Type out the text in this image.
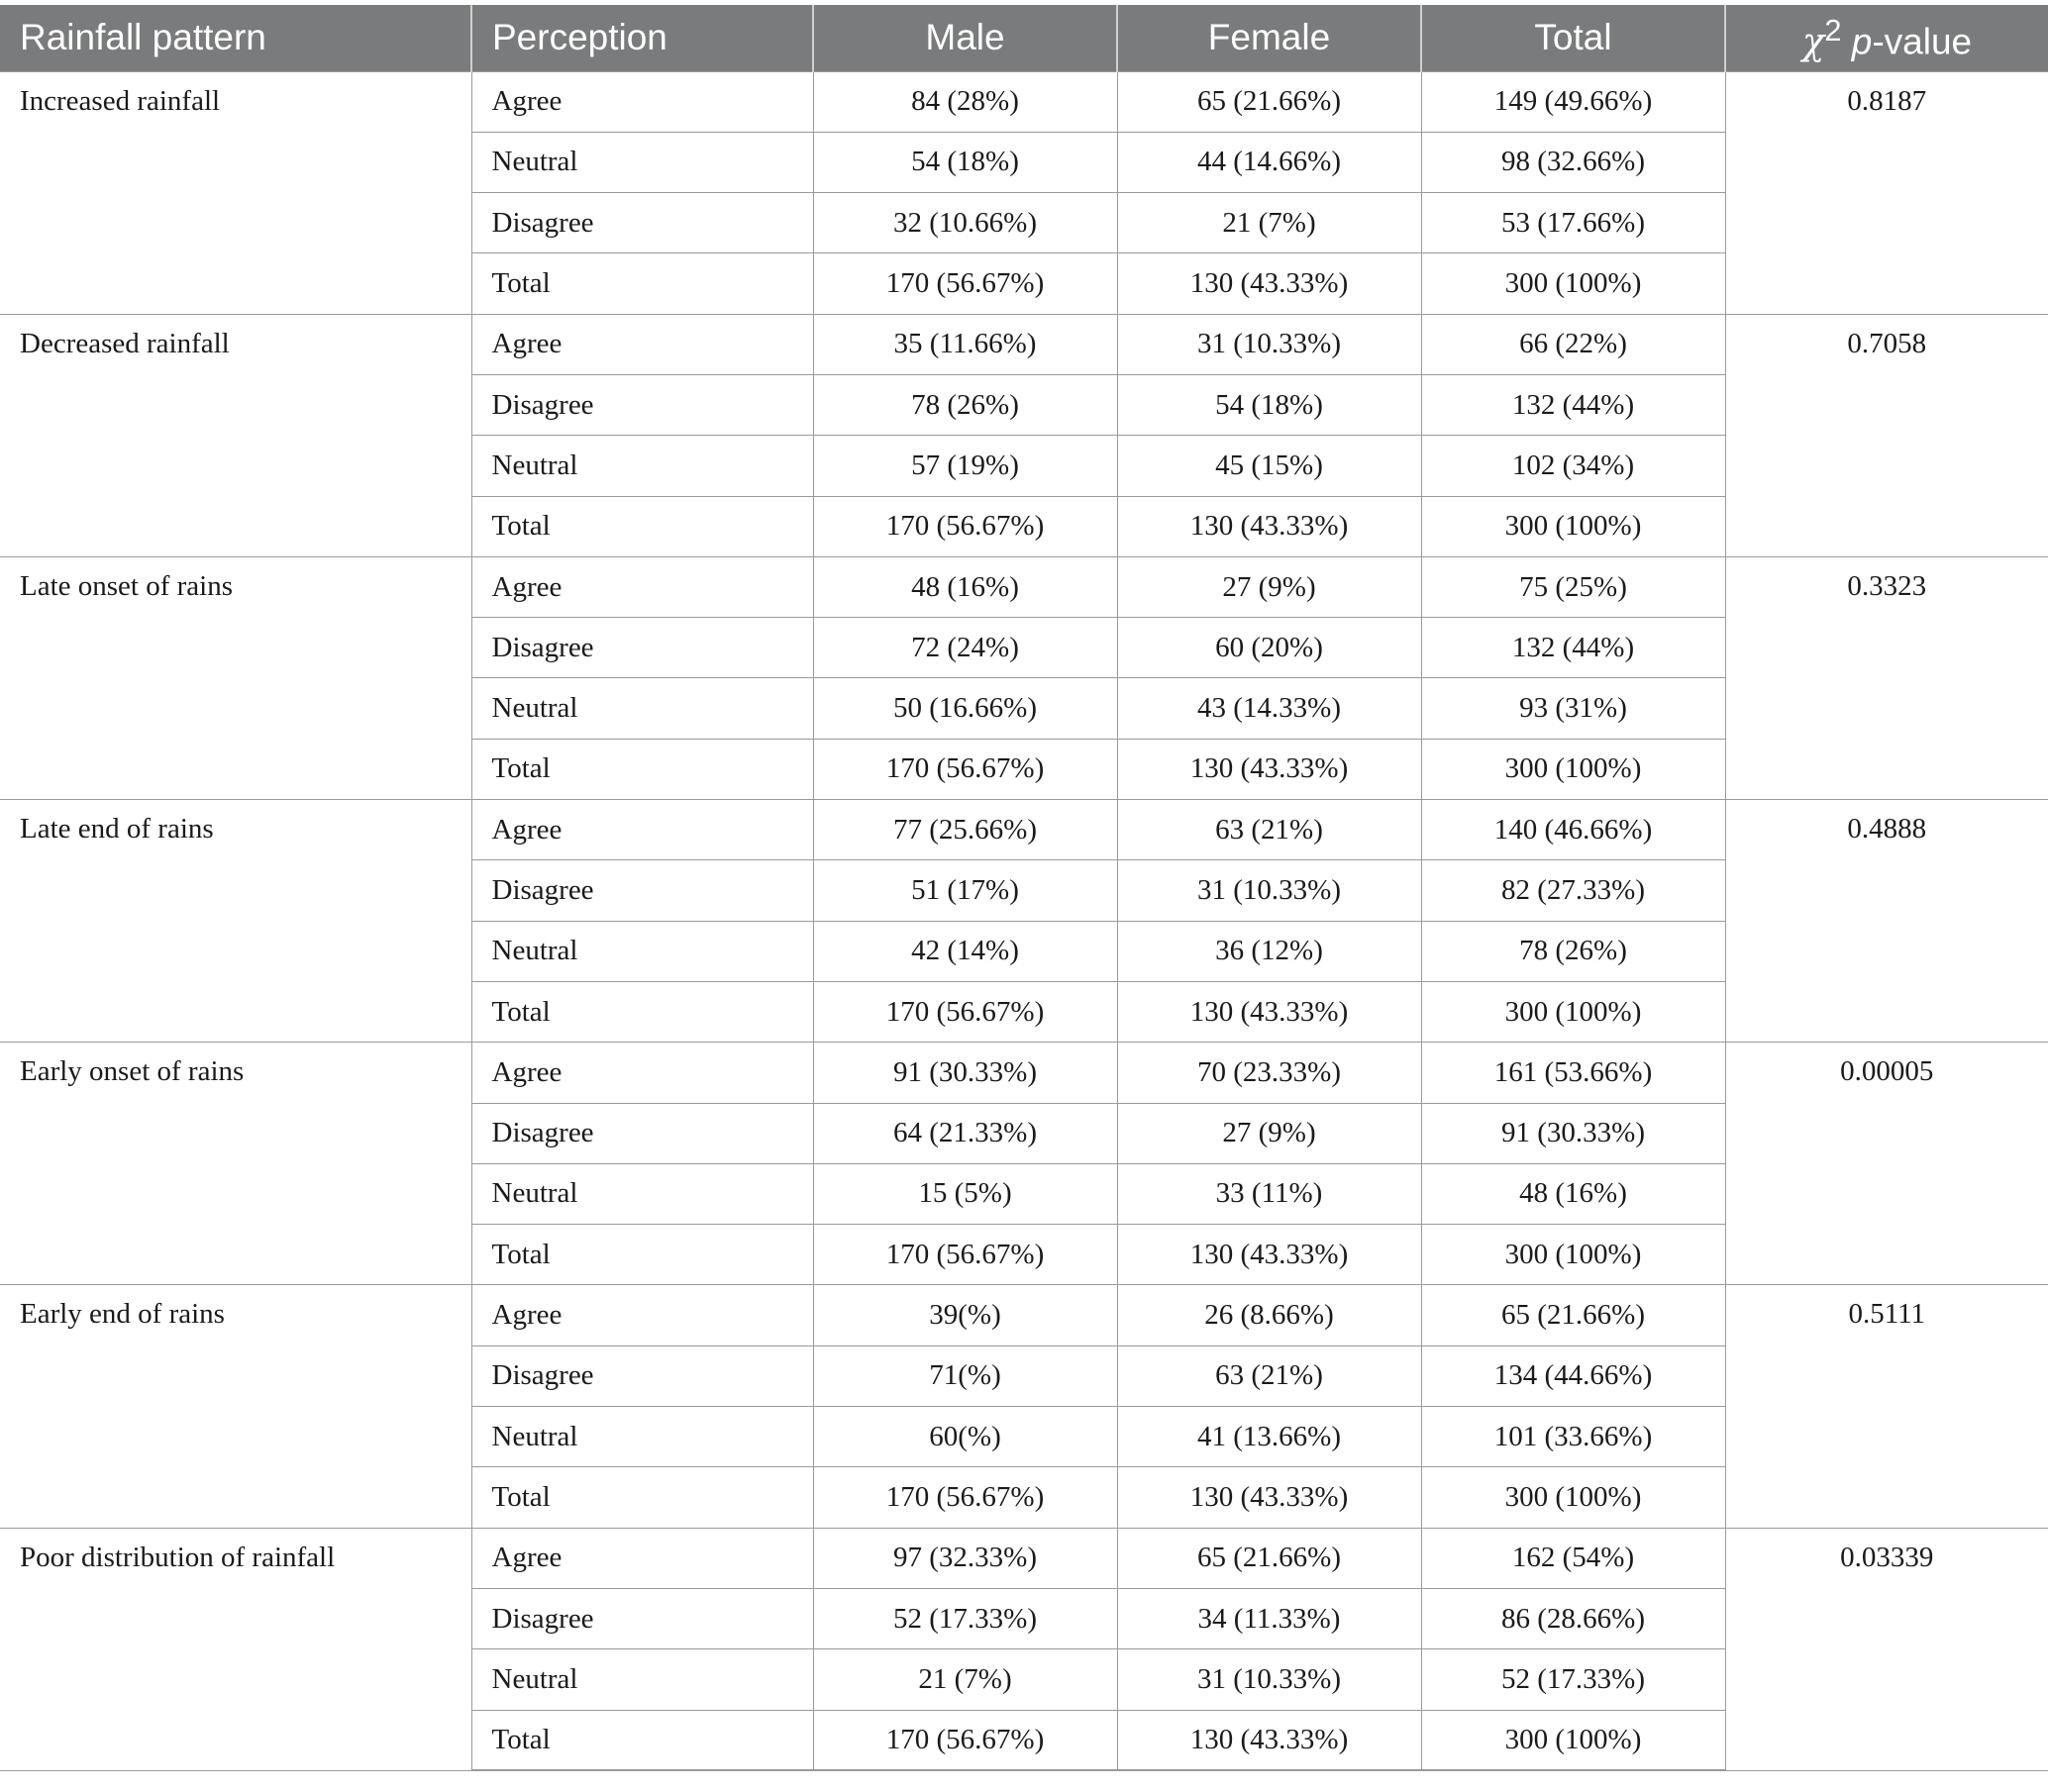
Rainfall pattern	Perception	Male	Female	Total	$\chi^2$ p-value
Increased rainfall	Agree	84 (28%)	65 (21.66%)	149 (49.66%)	0.8187
	Neutral	54 (18%)	44 (14.66%)	98 (32.66%)	
	Disagree	32 (10.66%)	21 (7%)	53 (17.66%)	
	Total	170 (56.67%)	130 (43.33%)	300 (100%)	
Decreased rainfall	Agree	35 (11.66%)	31 (10.33%)	66 (22%)	0.7058
	Disagree	78 (26%)	54 (18%)	132 (44%)	
	Neutral	57 (19%)	45 (15%)	102 (34%)	
	Total	170 (56.67%)	130 (43.33%)	300 (100%)	
Late onset of rains	Agree	48 (16%)	27 (9%)	75 (25%)	0.3323
	Disagree	72 (24%)	60 (20%)	132 (44%)	
	Neutral	50 (16.66%)	43 (14.33%)	93 (31%)	
	Total	170 (56.67%)	130 (43.33%)	300 (100%)	
Late end of rains	Agree	77 (25.66%)	63 (21%)	140 (46.66%)	0.4888
	Disagree	51 (17%)	31 (10.33%)	82 (27.33%)	
	Neutral	42 (14%)	36 (12%)	78 (26%)	
	Total	170 (56.67%)	130 (43.33%)	300 (100%)	
Early onset of rains	Agree	91 (30.33%)	70 (23.33%)	161 (53.66%)	0.00005
	Disagree	64 (21.33%)	27 (9%)	91 (30.33%)	
	Neutral	15 (5%)	33 (11%)	48 (16%)	
	Total	170 (56.67%)	130 (43.33%)	300 (100%)	
Early end of rains	Agree	39(%)	26 (8.66%)	65 (21.66%)	0.5111
	Disagree	71(%)	63 (21%)	134 (44.66%)	
	Neutral	60(%)	41 (13.66%)	101 (33.66%)	
	Total	170 (56.67%)	130 (43.33%)	300 (100%)	
Poor distribution of rainfall	Agree	97 (32.33%)	65 (21.66%)	162 (54%)	0.03339
	Disagree	52 (17.33%)	34 (11.33%)	86 (28.66%)	
	Neutral	21 (7%)	31 (10.33%)	52 (17.33%)	
	Total	170 (56.67%)	130 (43.33%)	300 (100%)	
